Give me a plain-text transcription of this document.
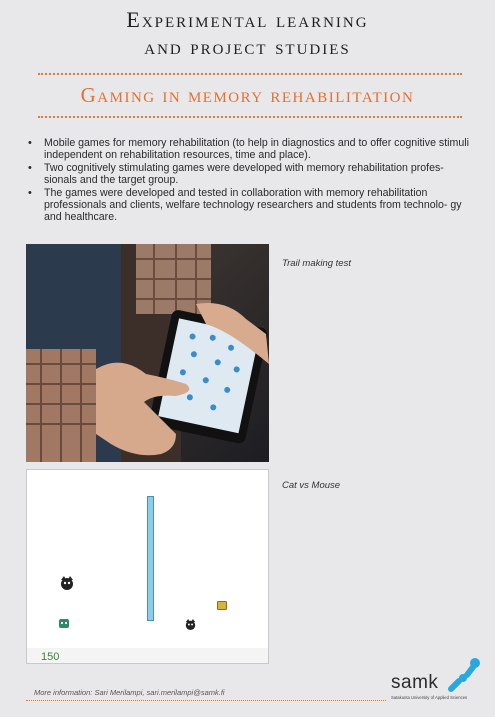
Experimental learning
and project studies
Gaming in memory rehabilitation
• Mobile games for memory rehabilitation (to help in diagnostics and to offer cognitive stimuli independent on rehabilitation resources, time and place).
• Two cognitively stimulating games were developed with memory rehabilitation profes- sionals and the target group.
• The games were developed and tested in collaboration with memory rehabilitation professionals and clients, welfare technology researchers and students from technolo- gy and healthcare.
Trail making test
150
Cat vs Mouse
More information: Sari Merilampi, sari.merilampi@samk.fi	samk
Satakunta University of Applied Sciences
